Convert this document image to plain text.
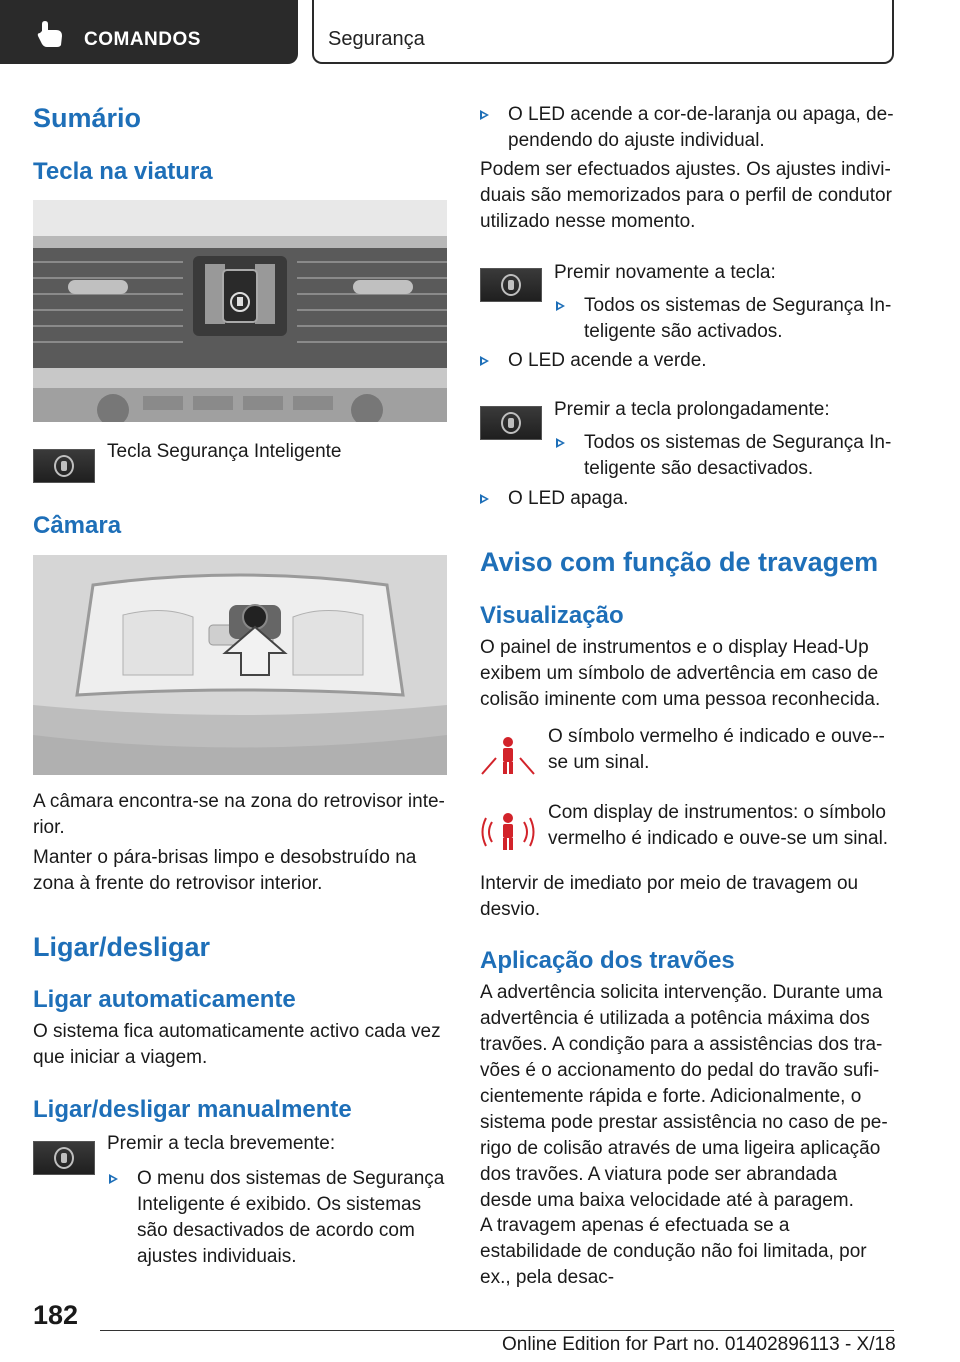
COMANDOS	Segurança
Sumário
Tecla na viatura
Tecla Segurança Inteligente
Câmara
A câmara encontra-se na zona do retrovisor inte-rior.
Manter o pára-brisas limpo e desobstruído na zona à frente do retrovisor interior.
Ligar/desligar
Ligar automaticamente
O sistema fica automaticamente activo cada vez que iniciar a viagem.
Ligar/desligar manualmente
Premir a tecla brevemente:
O menu dos sistemas de Segurança Inteligente é exibido. Os sistemas são desactivados de acordo com ajustes individuais.
O LED acende a cor-de-laranja ou apaga, de-pendendo do ajuste individual.
Podem ser efectuados ajustes. Os ajustes indivi-duais são memorizados para o perfil de condutor utilizado nesse momento.
Premir novamente a tecla:
Todos os sistemas de Segurança In-teligente são activados.
O LED acende a verde.
Premir a tecla prolongadamente:
Todos os sistemas de Segurança In-teligente são desactivados.
O LED apaga.
Aviso com função de travagem
Visualização
O painel de instrumentos e o display Head-Up exibem um símbolo de advertência em caso de colisão iminente com uma pessoa reconhecida.
O símbolo vermelho é indicado e ouve--se um sinal.
Com display de instrumentos: o símbolo vermelho é indicado e ouve-se um sinal.
Intervir de imediato por meio de travagem ou desvio.
Aplicação dos travões
A advertência solicita intervenção. Durante uma advertência é utilizada a potência máxima dos travões. A condição para a assistências dos tra-vões é o accionamento do pedal do travão sufi-cientemente rápida e forte. Adicionalmente, o sistema pode prestar assistência no caso de pe-rigo de colisão através de uma ligeira aplicação dos travões. A viatura pode ser abrandada desde uma baixa velocidade até à paragem.
A travagem apenas é efectuada se a estabilidade de condução não foi limitada, por ex., pela desac-
182
Online Edition for Part no. 01402896113 - X/18
